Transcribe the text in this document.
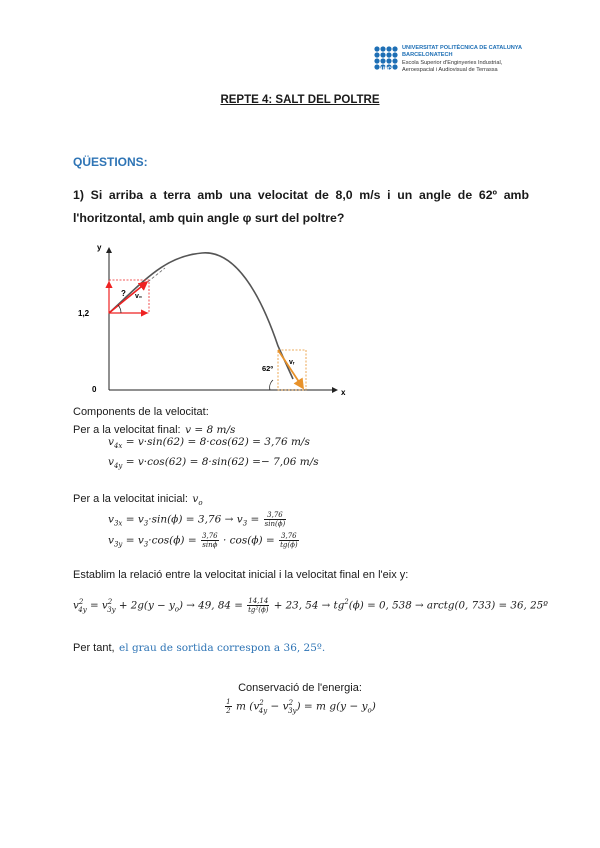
UPC
UNIVERSITAT POLITÈCNICA DE CATALUNYA
BARCELONATECH
Escola Superior d'Enginyeries Industrial,
Aeroespacial i Audiovisual de Terrassa
REPTE 4: SALT DEL POLTRE
QÜESTIONS:
1) Si arriba a terra amb una velocitat de 8,0 m/s i un angle de 62º amb l'horitzontal, amb quin angle φ surt del poltre?
y
x
1,2
0
? v₀
62º
vᵣ
Components de la velocitat:
Per a la velocitat final: v = 8 m/s
$v_{4x} = v\cdot\sin(62) = 8\cdot\cos(62) = 3,76$ m/s
$v_{4y} = v\cdot\cos(62) = 8\cdot\sin(62) =- 7,06$ m/s
Per a la velocitat inicial: $v_o$
$v_{3x} = v_3\cdot\sin(\phi) = 3,76 \to v_3 = \frac{3,76}{\sin(\phi)}$
$v_{3y} = v_3\cdot\cos(\phi) = \frac{3,76}{\sin\phi} \cdot \cos(\phi) = \frac{3,76}{tg(\phi)}$
Establim la relació entre la velocitat inicial i la velocitat final en l'eix y:
$v^2_{4y} = v^2_{3y} + 2g(y - y_o) \to 49$, $84 = \frac{14,14}{\text{tg²(ϕ)}} + 23$, $54 \to tg^2(\phi) = 0$, 538 → arctg(0, 733) = 36, 25º
Per tant, el grau de sortida correspon a 36, 25º.
Conservació de l'energia:
$\frac{1}{2}$ m $(v^2_{4y} - v^2_{3y}) = m$ $g(y - y_o)$
